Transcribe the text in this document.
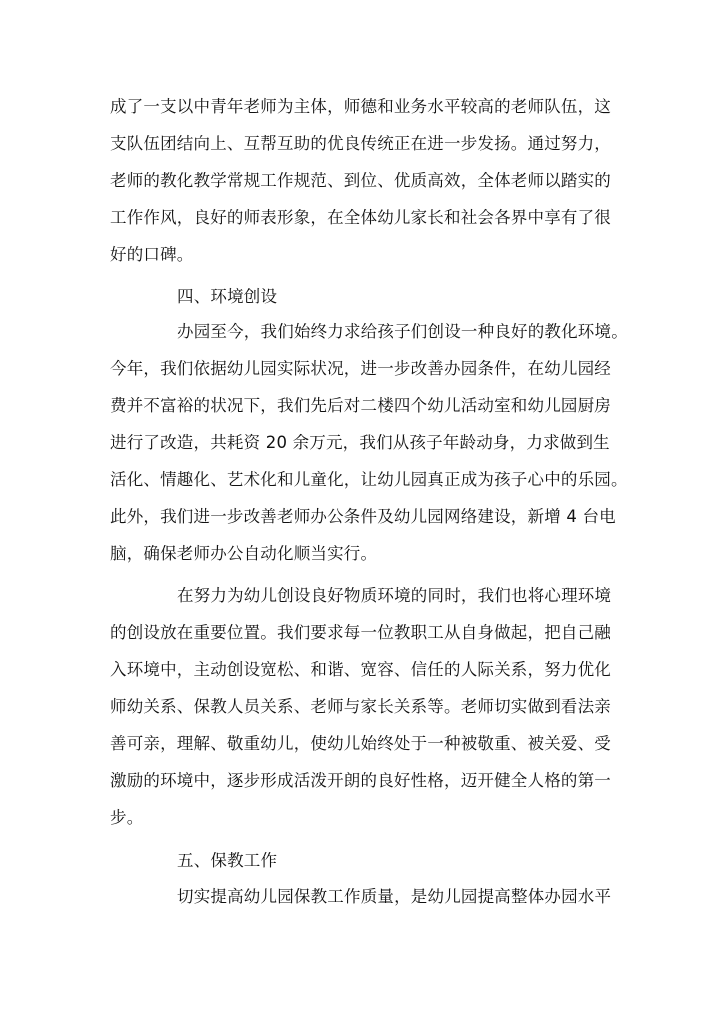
成了一支以中青年老师为主体，师德和业务水平较高的老师队伍，这
支队伍团结向上、互帮互助的优良传统正在进一步发扬。通过努力，
老师的教化教学常规工作规范、到位、优质高效，全体老师以踏实的
工作作风，良好的师表形象，在全体幼儿家长和社会各界中享有了很
好的口碑。
四、环境创设
办园至今，我们始终力求给孩子们创设一种良好的教化环境。
今年，我们依据幼儿园实际状况，进一步改善办园条件，在幼儿园经
费并不富裕的状况下，我们先后对二楼四个幼儿活动室和幼儿园厨房
进行了改造，共耗资 20 余万元，我们从孩子年龄动身，力求做到生
活化、情趣化、艺术化和儿童化，让幼儿园真正成为孩子心中的乐园。
此外，我们进一步改善老师办公条件及幼儿园网络建设，新增 4 台电
脑，确保老师办公自动化顺当实行。
在努力为幼儿创设良好物质环境的同时，我们也将心理环境
的创设放在重要位置。我们要求每一位教职工从自身做起，把自己融
入环境中，主动创设宽松、和谐、宽容、信任的人际关系，努力优化
师幼关系、保教人员关系、老师与家长关系等。老师切实做到看法亲
善可亲，理解、敬重幼儿，使幼儿始终处于一种被敬重、被关爱、受
激励的环境中，逐步形成活泼开朗的良好性格，迈开健全人格的第一
步。
五、保教工作
切实提高幼儿园保教工作质量，是幼儿园提高整体办园水平
